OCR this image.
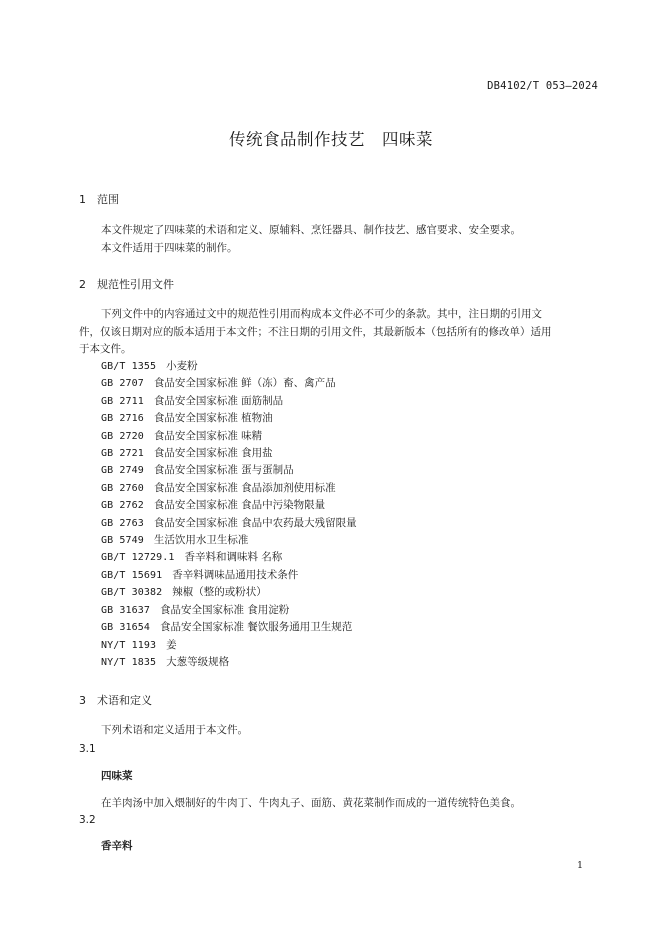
DB4102/T 053—2024
传统食品制作技艺　四味菜
1 范围
本文件规定了四味菜的术语和定义、原辅料、烹饪器具、制作技艺、感官要求、安全要求。
本文件适用于四味菜的制作。
2 规范性引用文件
下列文件中的内容通过文中的规范性引用而构成本文件必不可少的条款。其中，注日期的引用文
件，仅该日期对应的版本适用于本文件；不注日期的引用文件，其最新版本（包括所有的修改单）适用
于本文件。
GB/T 1355 小麦粉
GB 2707 食品安全国家标准 鲜（冻）畜、禽产品
GB 2711 食品安全国家标准 面筋制品
GB 2716 食品安全国家标准 植物油
GB 2720 食品安全国家标准 味精
GB 2721 食品安全国家标准 食用盐
GB 2749 食品安全国家标准 蛋与蛋制品
GB 2760 食品安全国家标准 食品添加剂使用标准
GB 2762 食品安全国家标准 食品中污染物限量
GB 2763 食品安全国家标准 食品中农药最大残留限量
GB 5749 生活饮用水卫生标准
GB/T 12729.1 香辛料和调味料 名称
GB/T 15691 香辛料调味品通用技术条件
GB/T 30382 辣椒（整的或粉状）
GB 31637 食品安全国家标准 食用淀粉
GB 31654 食品安全国家标准 餐饮服务通用卫生规范
NY/T 1193 姜
NY/T 1835 大葱等级规格
3 术语和定义
下列术语和定义适用于本文件。
3.1
四味菜
在羊肉汤中加入煨制好的牛肉丁、牛肉丸子、面筋、黄花菜制作而成的一道传统特色美食。
3.2
香辛料
1
